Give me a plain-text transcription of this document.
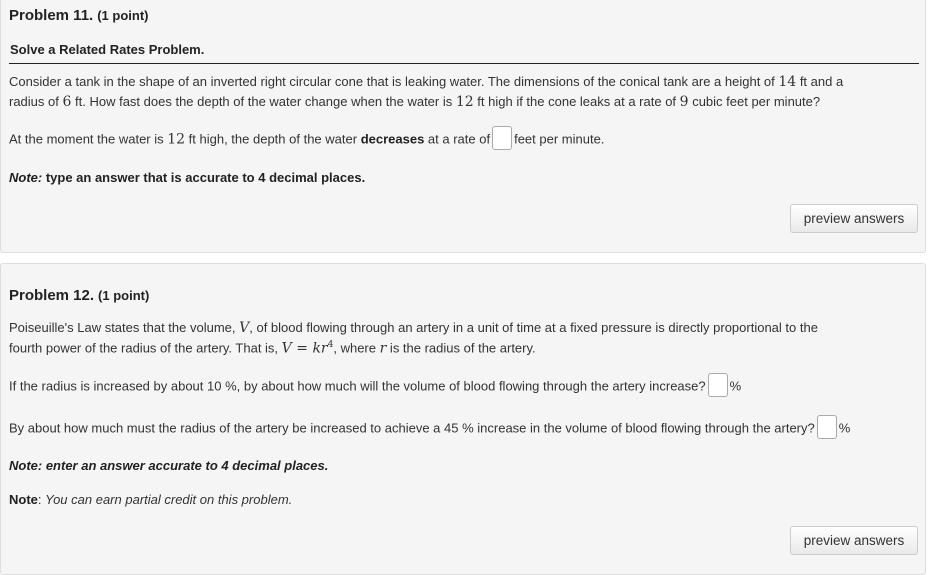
Problem 11. (1 point)
Solve a Related Rates Problem.
Consider a tank in the shape of an inverted right circular cone that is leaking water. The dimensions of the conical tank are a height of 14 ft and a
radius of 6 ft. How fast does the depth of the water change when the water is 12 ft high if the cone leaks at a rate of 9 cubic feet per minute?
At the moment the water is 12 ft high, the depth of the water decreases at a rate of feet per minute.
Note: type an answer that is accurate to 4 decimal places.
preview answers
Problem 12. (1 point)
Poiseuille's Law states that the volume, V, of blood flowing through an artery in a unit of time at a fixed pressure is directly proportional to the
fourth power of the radius of the artery. That is, $V = kr^4$, where r is the radius of the artery.
If the radius is increased by about 10 %, by about how much will the volume of blood flowing through the artery increase? %
By about how much must the radius of the artery be increased to achieve a 45 % increase in the volume of blood flowing through the artery? %
Note: enter an answer accurate to 4 decimal places.
Note: You can earn partial credit on this problem.
preview answers
